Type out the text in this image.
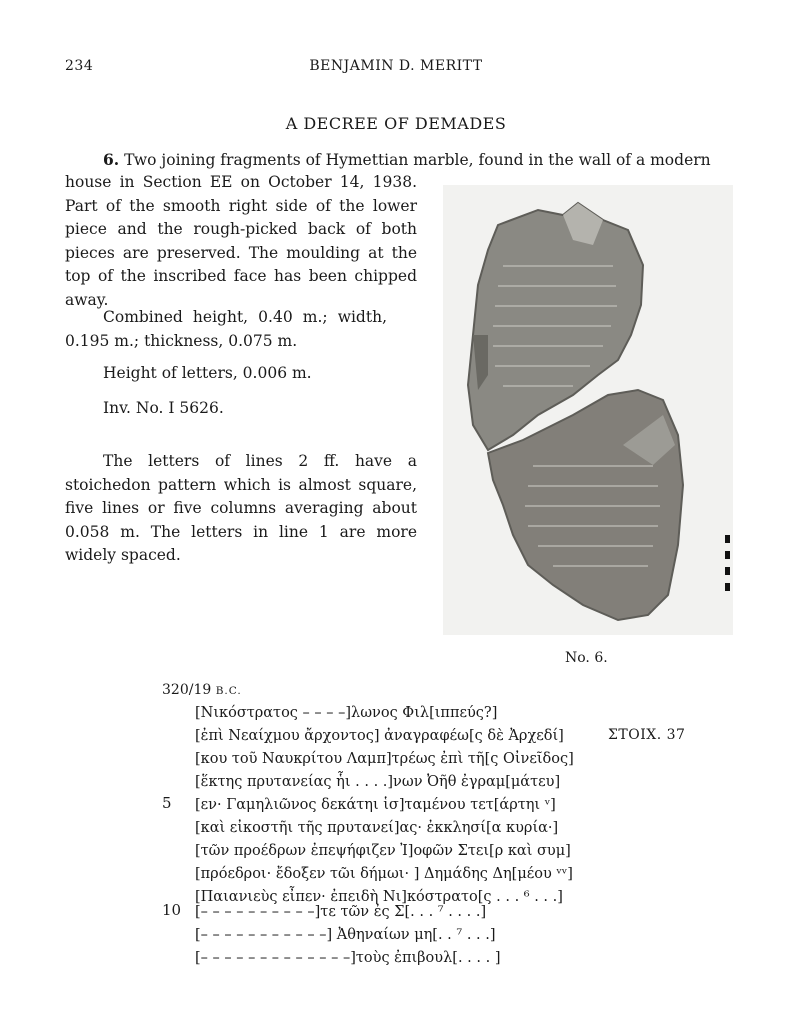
234	BENJAMIN D. MERITT
A DECREE OF DEMADES
6. Two joining fragments of Hymettian marble, found in the wall of a modern
house in Section EE on October 14, 1938. Part of the smooth right side of the lower piece and the rough-picked back of both pieces are preserved. The moulding at the top of the inscribed face has been chipped away.
Combined height, 0.40 m.; width, 0.195 m.; thickness, 0.075 m.
Height of letters, 0.006 m.
Inv. No. I 5626.
The letters of lines 2 ff. have a stoichedon pattern which is almost square, five lines or five columns averaging about 0.058 m. The letters in line 1 are more widely spaced.
No. 6.
320/19 B.C.
ΣΤΟΙΧ. 37
[Νικόστρατος – – – –]λωνος Φιλ[ιππεύς?]
[ἐπὶ Νεαίχμου ἄρχοντος] ἀναγραφέω[ς δὲ Ἀρχεδί]
[κου τοῦ Ναυκρίτου Λαμπ]τρέως ἐπὶ τῆ[ς Οἰνεῖδος]
[ἕκτης πρυτανείας ἧι . . . .]νων Ὀῆθ ἐγραμ[μάτευ]
5 [εν· Γαμηλιῶνος δεκάτηι ἱσ]ταμένου τετ[άρτηι ᵛ]
[καὶ εἰκοστῆι τῆς πρυτανεί]ας· ἐκκλησί[α κυρία·]
[τῶν προέδρων ἐπεψήφιζεν Ἰ]οφῶν Στει[ρ καὶ συμ]
[πρόεδροι· ἔδοξεν τῶι δήμωι· ] Δημάδης Δη[μέου ᵛᵛ]
[Παιανιεὺς εἶπεν· ἐπειδὴ Νι]κόστρατο[ς . . . ⁶ . . .]
10 [– – – – – – – – – –]τε τῶν ἐς Σ[. . . ⁷ . . . .]
[– – – – – – – – – – –] Ἀθηναίων μη[. . ⁷ . . .]
[– – – – – – – – – – – – –]τοὺς ἐπιβουλ[. . . . ]
